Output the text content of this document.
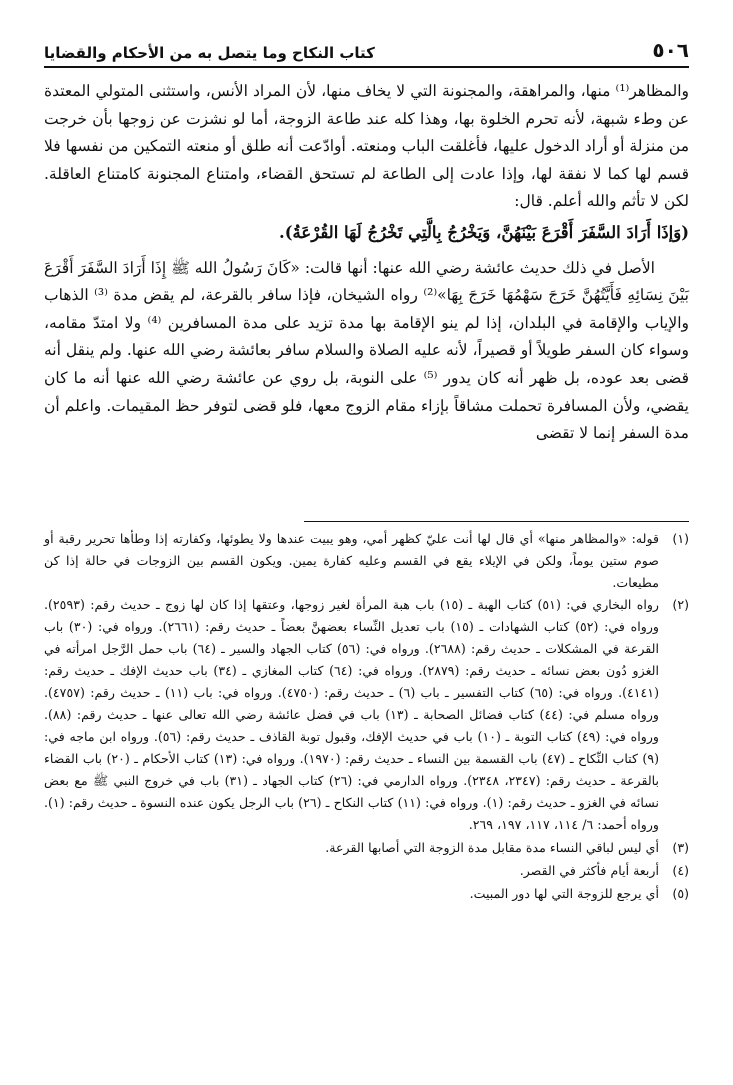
٥٠٦
كتاب النكاح وما يتصل به من الأحكام والقضايا

والمظاهر⁽¹⁾ منها، والمراهقة، والمجنونة التي لا يخاف منها، لأن المراد الأنس، واستثنى المتولي المعتدة عن وطء شبهة، لأنه تحرم الخلوة بها، وهذا كله عند طاعة الزوجة، أما لو نشزت عن زوجها بأن خرجت من منزلة أو أراد الدخول عليها، فأغلقت الباب ومنعته. أوادّعت أنه طلق أو منعته التمكين من نفسها فلا قسم لها كما لا نفقة لها، وإذا عادت إلى الطاعة لم تستحق القضاء، وامتناع المجنونة كامتناع العاقلة. لكن لا تأثم والله أعلم. قال:

(وَإذَا أَرَادَ السَّفَرَ أَقْرَعَ بَيْنَهُنَّ، وَيَخْرُجُ بِالَّتِي تَخْرُجُ لَهَا القُرْعَةُ).

الأصل في ذلك حديث عائشة رضي الله عنها: أنها قالت: «كَانَ رَسُولُ الله ﷺ إِذَا أَرَادَ السَّفَرَ أَقْرَعَ بَيْنَ نِسَائِهِ فَأَيَّتُهُنَّ خَرَجَ سَهْمُهَا خَرَجَ بِهَا»⁽²⁾ رواه الشيخان، فإذا سافر بالقرعة، لم يقض مدة ⁽³⁾ الذهاب والإياب والإقامة في البلدان، إذا لم ينو الإقامة بها مدة تزيد على مدة المسافرين ⁽⁴⁾ ولا امتدّ مقامه، وسواء كان السفر طويلاً أو قصيراً، لأنه عليه الصلاة والسلام سافر بعائشة رضي الله عنها. ولم ينقل أنه قضى بعد عوده، بل ظهر أنه كان يدور ⁽⁵⁾ على النوبة، بل روي عن عائشة رضي الله عنها أنه ما كان يقضي، ولأن المسافرة تحملت مشاقاً بإزاء مقام الزوج معها، فلو قضى لتوفر حظ المقيمات. واعلم أن مدة السفر إنما لا تقضى

(١)
قوله: «والمظاهر منها» أي قال لها أنت عليّ كظهر أمي، وهو يبيت عندها ولا يطوئها، وكفارته إذا وطأها تحرير رقبة أو صوم ستين يوماً، ولكن في الإيلاء يقع في القسم وعليه كفارة يمين. ويكون القسم بين الزوجات في حالة إذا كن مطيعات.
(٢)
رواه البخاري في: (٥١) كتاب الهبة ـ (١٥) باب هبة المرأة لغير زوجها، وعتقها إذا كان لها زوج ـ حديث رقم: (٢٥٩٣). ورواه في: (٥٢) كتاب الشهادات ـ (١٥) باب تعديل النِّساء بعضهنَّ بعضاً ـ حديث رقم: (٢٦٦١). ورواه في: (٣٠) باب القرعة في المشكلات ـ حديث رقم: (٢٦٨٨). ورواه في: (٥٦) كتاب الجهاد والسير ـ (٦٤) باب حمل الرَّجل امرأته في الغزو دُون بعض نسائه ـ حديث رقم: (٢٨٧٩). ورواه في: (٦٤) كتاب المغازي ـ (٣٤) باب حديث الإفك ـ حديث رقم: (٤١٤١). ورواه في: (٦٥) كتاب التفسير ـ باب (٦) ـ حديث رقم: (٤٧٥٠). ورواه في: باب (١١) ـ حديث رقم: (٤٧٥٧). ورواه مسلم في: (٤٤) كتاب فضائل الصحابة ـ (١٣) باب في فضل عائشة رضي الله تعالى عنها ـ حديث رقم: (٨٨). ورواه في: (٤٩) كتاب التوبة ـ (١٠) باب في حديث الإفك، وقبول توبة القاذف ـ حديث رقم: (٥٦). ورواه ابن ماجه في: (٩) كتاب النِّكاح ـ (٤٧) باب القسمة بين النساء ـ حديث رقم: (١٩٧٠). ورواه في: (١٣) كتاب الأحكام ـ (٢٠) باب القضاء بالقرعة ـ حديث رقم: (٢٣٤٧، ٢٣٤٨). ورواه الدارمي في: (٢٦) كتاب الجهاد ـ (٣١) باب في خروج النبي ﷺ مع بعض نسائه في الغزو ـ حديث رقم: (١). ورواه في: (١١) كتاب النكاح ـ (٢٦) باب الرجل يكون عنده النسوة ـ حديث رقم: (١). ورواه أحمد: ٦/ ١١٤، ١١٧، ١٩٧، ٢٦٩.
(٣)
أي ليس لباقي النساء مدة مقابل مدة الزوجة التي أصابها القرعة.
(٤)
أربعة أيام فأكثر في القصر.
(٥)
أي يرجع للزوجة التي لها دور المبيت.
